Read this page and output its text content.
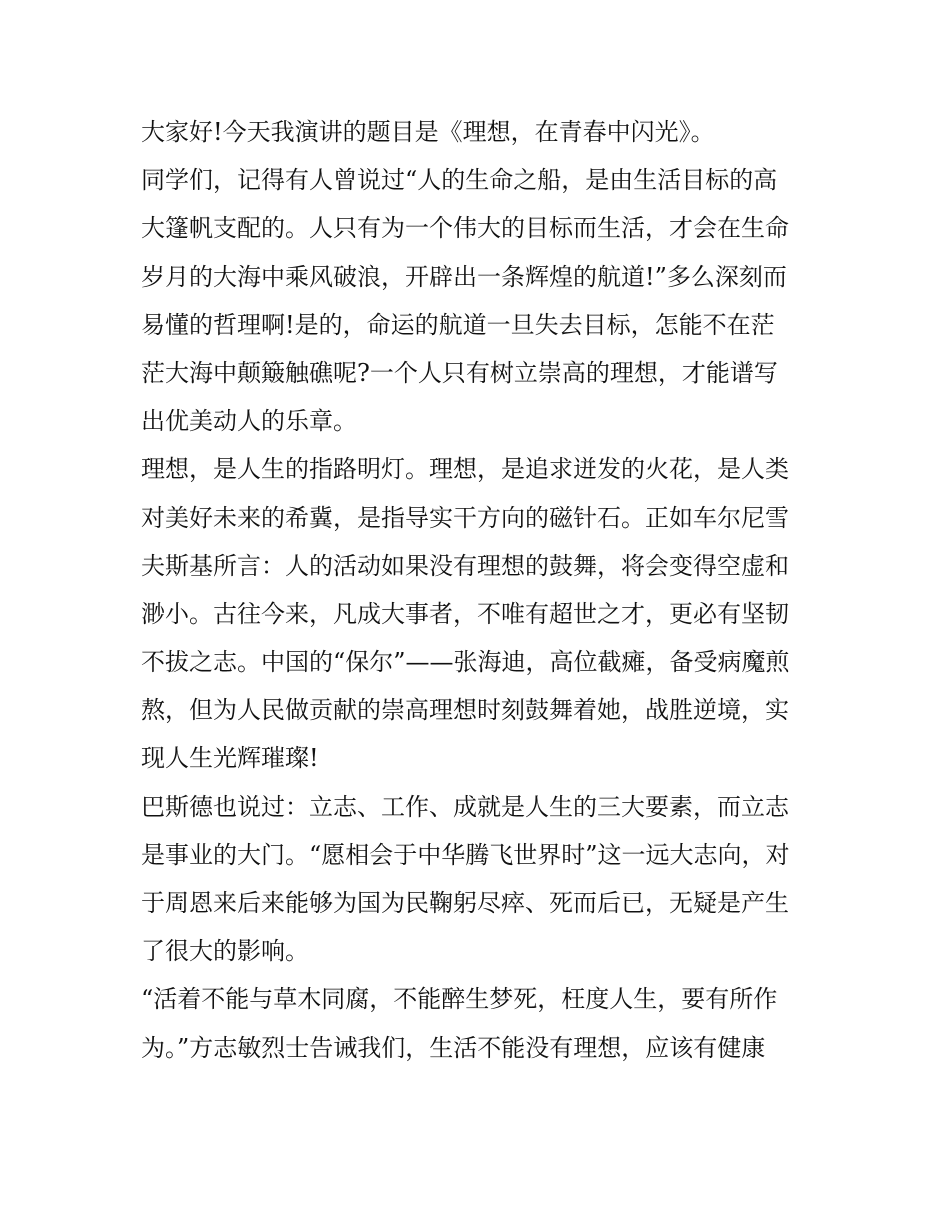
大家好!今天我演讲的题目是《理想，在青春中闪光》。
同学们，记得有人曾说过“人的生命之船，是由生活目标的高
大篷帆支配的。人只有为一个伟大的目标而生活，才会在生命
岁月的大海中乘风破浪，开辟出一条辉煌的航道!”多么深刻而
易懂的哲理啊!是的，命运的航道一旦失去目标，怎能不在茫
茫大海中颠簸触礁呢?一个人只有树立崇高的理想，才能谱写
出优美动人的乐章。
理想，是人生的指路明灯。理想，是追求迸发的火花，是人类
对美好未来的希冀，是指导实干方向的磁针石。正如车尔尼雪
夫斯基所言：人的活动如果没有理想的鼓舞，将会变得空虚和
渺小。古往今来，凡成大事者，不唯有超世之才，更必有坚韧
不拔之志。中国的“保尔”——张海迪，高位截瘫，备受病魔煎
熬，但为人民做贡献的崇高理想时刻鼓舞着她，战胜逆境，实
现人生光辉璀璨!
巴斯德也说过：立志、工作、成就是人生的三大要素，而立志
是事业的大门。“愿相会于中华腾飞世界时”这一远大志向，对
于周恩来后来能够为国为民鞠躬尽瘁、死而后已，无疑是产生
了很大的影响。
“活着不能与草木同腐，不能醉生梦死，枉度人生，要有所作
为。”方志敏烈士告诫我们，生活不能没有理想，应该有健康
